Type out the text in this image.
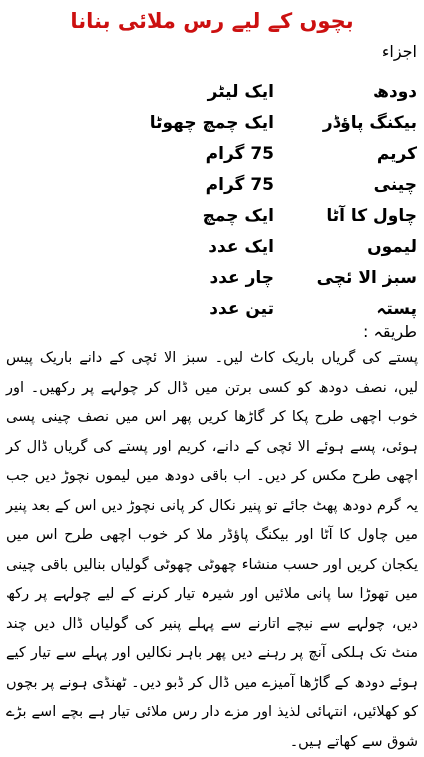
بچوں کے لیے رس ملائی بنانا
اجزاء
دودھ
ایک لیٹر
بیکنگ پاؤڈر
ایک چمچ چھوٹا
کریم
75 گرام
چینی
75 گرام
چاول کا آٹا
ایک چمچ
لیموں
ایک عدد
سبز الا ئچی
چار عدد
پستہ
تین عدد
طریقہ :
پستے کی گریاں باریک کاٹ لیں۔ سبز الا ئچی کے دانے باریک پیس لیں، نصف دودھ کو کسی برتن میں ڈال کر چولہے پر رکھیں۔ اور خوب اچھی طرح پکا کر گاڑھا کریں پھر اس میں نصف چینی پسی ہوئی، پسے ہوئے الا ئچی کے دانے، کریم اور پستے کی گریاں ڈال کر اچھی طرح مکس کر دیں۔ اب باقی دودھ میں لیموں نچوڑ دیں جب یہ گرم دودھ پھٹ جائے تو پنیر نکال کر پانی نچوڑ دیں اس کے بعد پنیر میں چاول کا آٹا اور بیکنگ پاؤڈر ملا کر خوب اچھی طرح اس میں یکجان کریں اور حسب منشاء چھوٹی چھوٹی گولیاں بنالیں باقی چینی میں تھوڑا سا پانی ملائیں اور شیرہ تیار کرنے کے لیے چولہے پر رکھ دیں، چولہے سے نیچے اتارنے سے پہلے پنیر کی گولیاں ڈال دیں چند منٹ تک ہلکی آنچ پر رہنے دیں پھر باہر نکالیں اور پہلے سے تیار کیے ہوئے دودھ کے گاڑھا آمیزے میں ڈال کر ڈبو دیں۔ ٹھنڈی ہونے پر بچوں کو کھلائیں، انتہائی لذیذ اور مزے دار رس ملائی تیار ہے بچے اسے بڑے شوق سے کھاتے ہیں۔
